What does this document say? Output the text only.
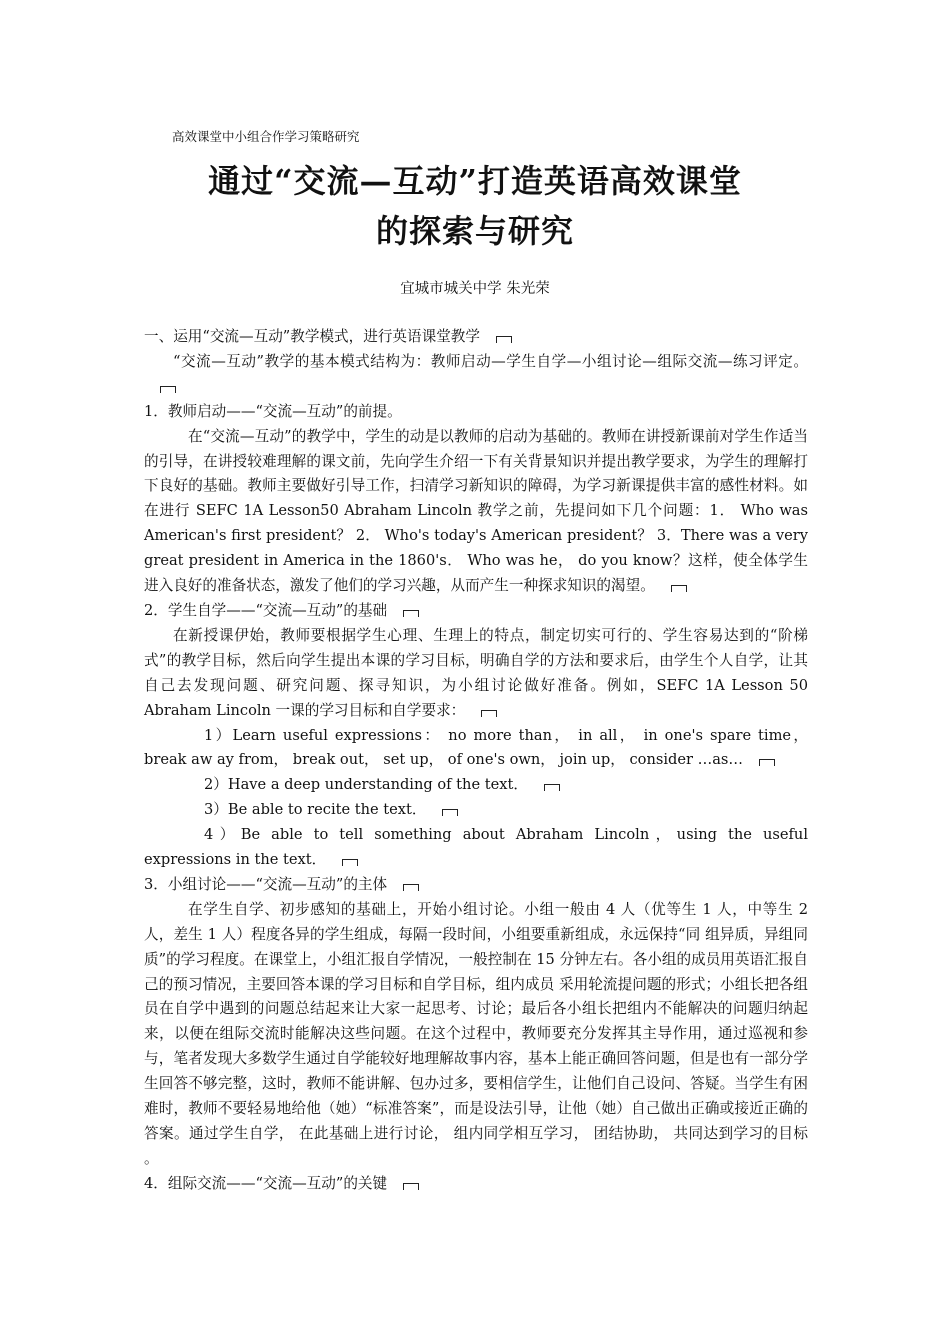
高效课堂中小组合作学习策略研究
通过“交流—互动”打造英语高效课堂
的探索与研究
宜城市城关中学 朱光荣

一、运用“交流—互动”教学模式，进行英语课堂教学

“交流—互动”教学的基本模式结构为：教师启动—学生自学—小组讨论—组际交流—练习评定。

1．教师启动——“交流—互动”的前提。

在“交流—互动”的教学中，学生的动是以教师的启动为基础的。教师在讲授新课前对学生作适当的引导，在讲授较难理解的课文前，先向学生介绍一下有关背景知识并提出教学要求，为学生的理解打下良好的基础。教师主要做好引导工作，扫清学习新知识的障碍，为学习新课提供丰富的感性材料。如在进行 SEFC 1A Lesson50 Abraham Lincoln 教学之前，先提问如下几个问题：1． Who was American's first president？ 2． Who's today's American president？ 3．There was a very great president in America in the 1860's． Who was he， do you know？这样，使全体学生进入良好的准备状态，激发了他们的学习兴趣，从而产生一种探求知识的渴望。

2．学生自学——“交流—互动”的基础

在新授课伊始，教师要根据学生心理、生理上的特点，制定切实可行的、学生容易达到的“阶梯式”的教学目标，然后向学生提出本课的学习目标，明确自学的方法和要求后，由学生个人自学，让其自己去发现问题、研究问题、探寻知识，为小组讨论做好准备。例如，SEFC 1A Lesson 50 Abraham Lincoln 一课的学习目标和自学要求：

1）Learn useful expressions： no more than， in all， in one's spare time， break aw ay from， break out， set up， of one's own， join up， consider …as…

2）Have a deep understanding of the text．

3）Be able to recite the text．

4）Be able to tell something about Abraham Lincoln，using the useful expressions in the text．

3．小组讨论——“交流—互动”的主体

在学生自学、初步感知的基础上，开始小组讨论。小组一般由 4 人（优等生 1 人，中等生 2 人，差生 1 人）程度各异的学生组成，每隔一段时间，小组要重新组成，永远保持“同 组异质，异组同质”的学习程度。在课堂上，小组汇报自学情况，一般控制在 15 分钟左右。各小组的成员用英语汇报自己的预习情况，主要回答本课的学习目标和自学目标，组内成员 采用轮流提问题的形式；小组长把各组员在自学中遇到的问题总结起来让大家一起思考、讨论；最后各小组长把组内不能解决的问题归纳起来，以便在组际交流时能解决这些问题。在这个过程中，教师要充分发挥其主导作用，通过巡视和参与，笔者发现大多数学生通过自学能较好地理解故事内容，基本上能正确回答问题，但是也有一部分学生回答不够完整，这时，教师不能讲解、包办过多，要相信学生，让他们自己设问、答疑。当学生有困难时，教师不要轻易地给他（她）“标准答案”，而是设法引导，让他（她）自己做出正确或接近正确的答案。通过学生自学， 在此基础上进行讨论， 组内同学相互学习， 团结协助， 共同达到学习的目标 。

4．组际交流——“交流—互动”的关键
